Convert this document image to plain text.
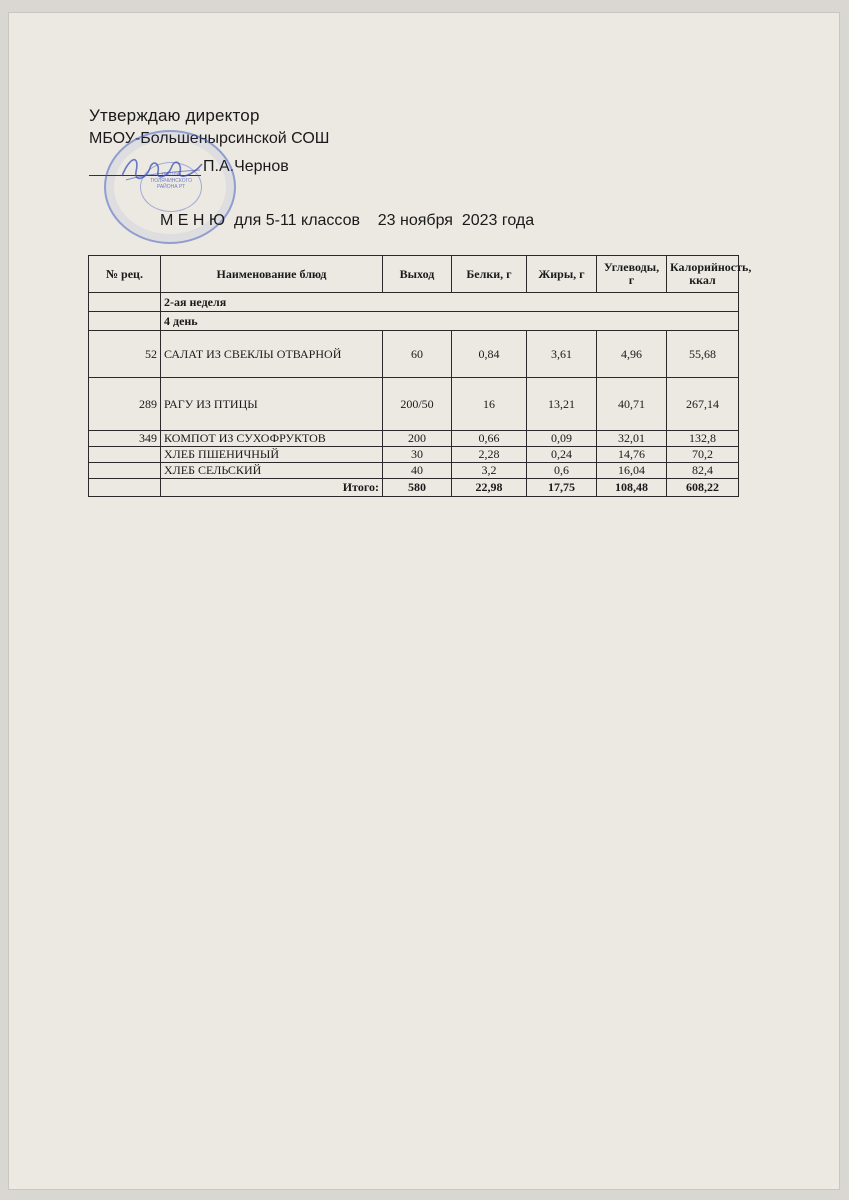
Утверждаю директор
МБОУ-Большенырсинской СОШ
П.А.Чернов
ШКОЛА ТЮЛЯЧИНСКОГО РАЙОНА РТ
М Е Н Ю  для 5-11 классов    23 ноября  2023 года
№ рец.	Наименование блюд	Выход	Белки, г	Жиры, г	Углеводы, г	Калорийность, ккал
	2-ая неделя					
	4 день					
52	САЛАТ ИЗ СВЕКЛЫ ОТВАРНОЙ	60	0,84	3,61	4,96	55,68
289	РАГУ ИЗ ПТИЦЫ	200/50	16	13,21	40,71	267,14
349	КОМПОТ ИЗ СУХОФРУКТОВ	200	0,66	0,09	32,01	132,8
	ХЛЕБ ПШЕНИЧНЫЙ	30	2,28	0,24	14,76	70,2
	ХЛЕБ СЕЛЬСКИЙ	40	3,2	0,6	16,04	82,4
	Итого:	580	22,98	17,75	108,48	608,22
